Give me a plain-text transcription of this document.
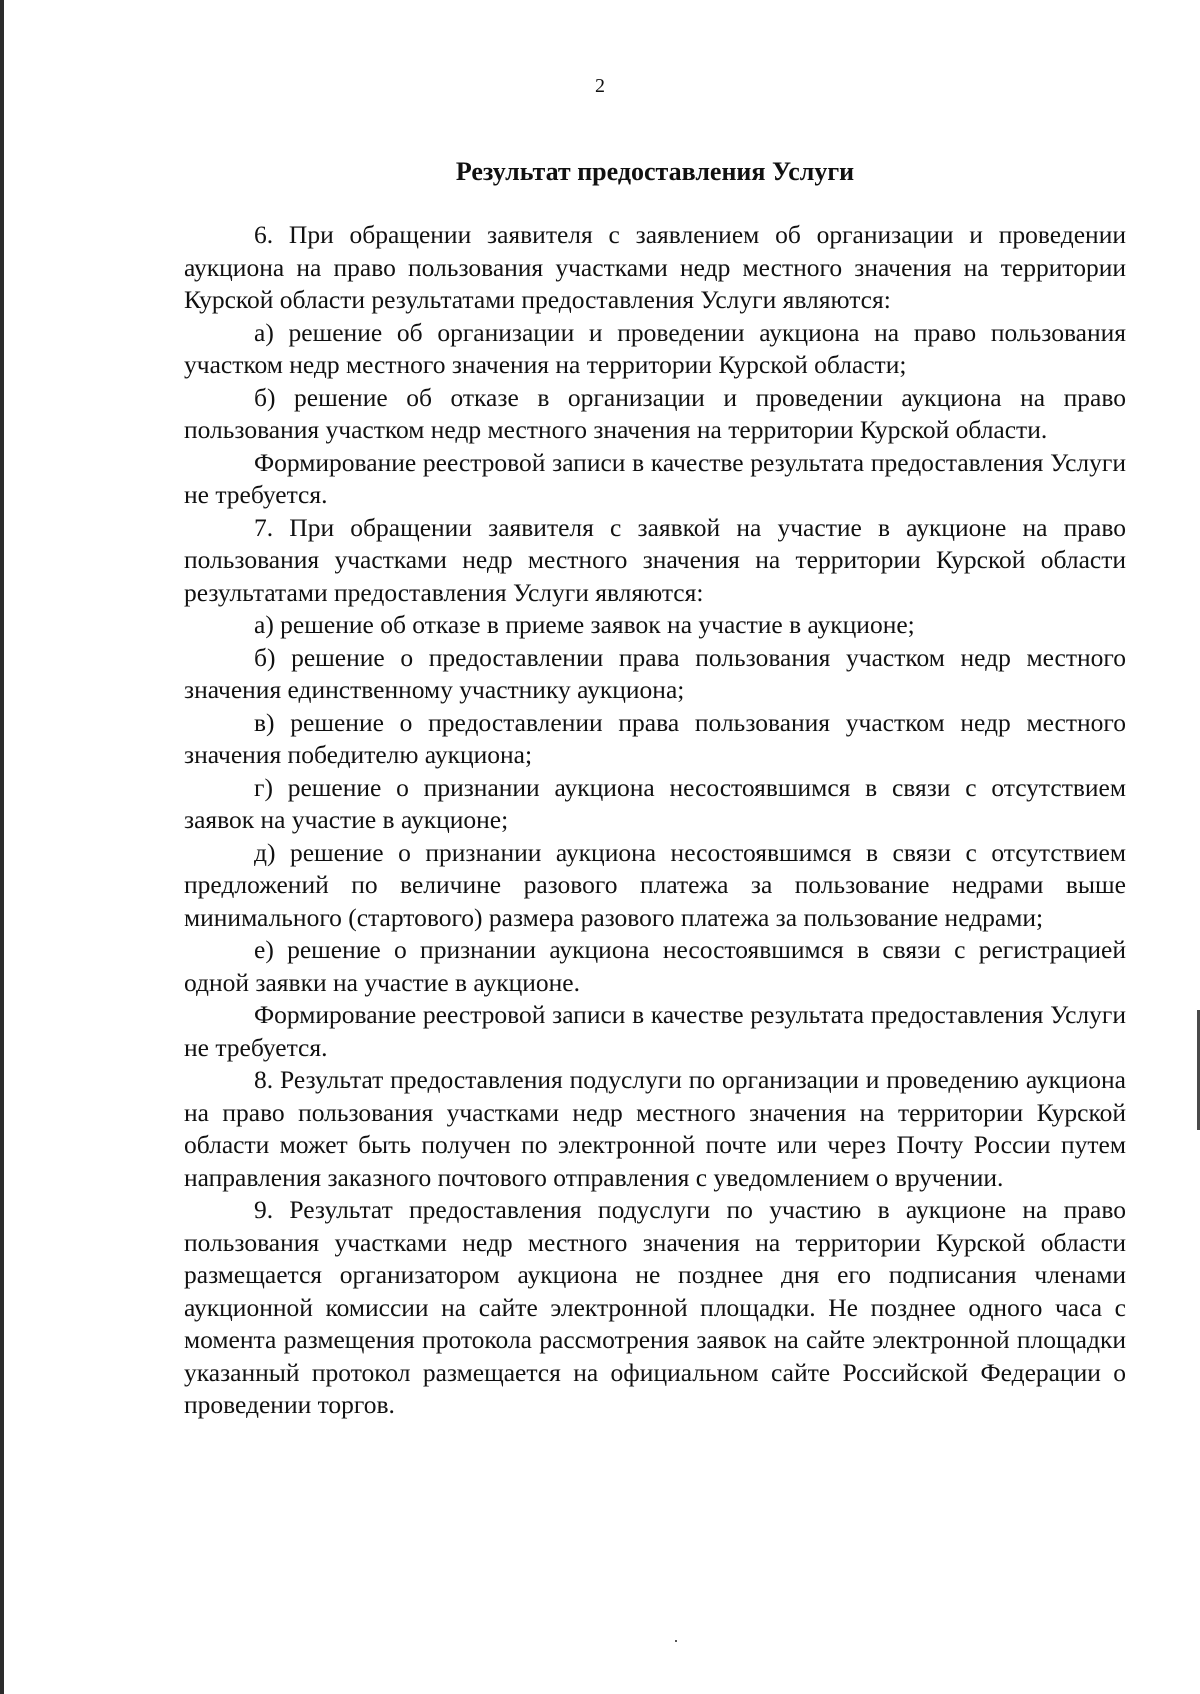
2
Результат предоставления Услуги

6. При обращении заявителя с заявлением об организации и проведении аукциона на право пользования участками недр местного значения на территории Курской области результатами предоставления Услуги являются:

а) решение об организации и проведении аукциона на право пользования участком недр местного значения на территории Курской области;

б) решение об отказе в организации и проведении аукциона на право пользования участком недр местного значения на территории Курской области.

Формирование реестровой записи в качестве результата предоставления Услуги не требуется.

7. При обращении заявителя с заявкой на участие в аукционе на право пользования участками недр местного значения на территории Курской области результатами предоставления Услуги являются:

а) решение об отказе в приеме заявок на участие в аукционе;

б) решение о предоставлении права пользования участком недр местного значения единственному участнику аукциона;

в) решение о предоставлении права пользования участком недр местного значения победителю аукциона;

г) решение о признании аукциона несостоявшимся в связи с отсутствием заявок на участие в аукционе;

д) решение о признании аукциона несостоявшимся в связи с отсутствием предложений по величине разового платежа за пользование недрами выше минимального (стартового) размера разового платежа за пользование недрами;

е) решение о признании аукциона несостоявшимся в связи с регистрацией одной заявки на участие в аукционе.

Формирование реестровой записи в качестве результата предоставления Услуги не требуется.

8. Результат предоставления подуслуги по организации и проведению аукциона на право пользования участками недр местного значения на территории Курской области может быть получен по электронной почте или через Почту России путем направления заказного почтового отправления с уведомлением о вручении.

9. Результат предоставления подуслуги по участию в аукционе на право пользования участками недр местного значения на территории Курской области размещается организатором аукциона не позднее дня его подписания членами аукционной комиссии на сайте электронной площадки. Не позднее одного часа с момента размещения протокола рассмотрения заявок на сайте электронной площадки указанный протокол размещается на официальном сайте Российской Федерации о проведении торгов.
